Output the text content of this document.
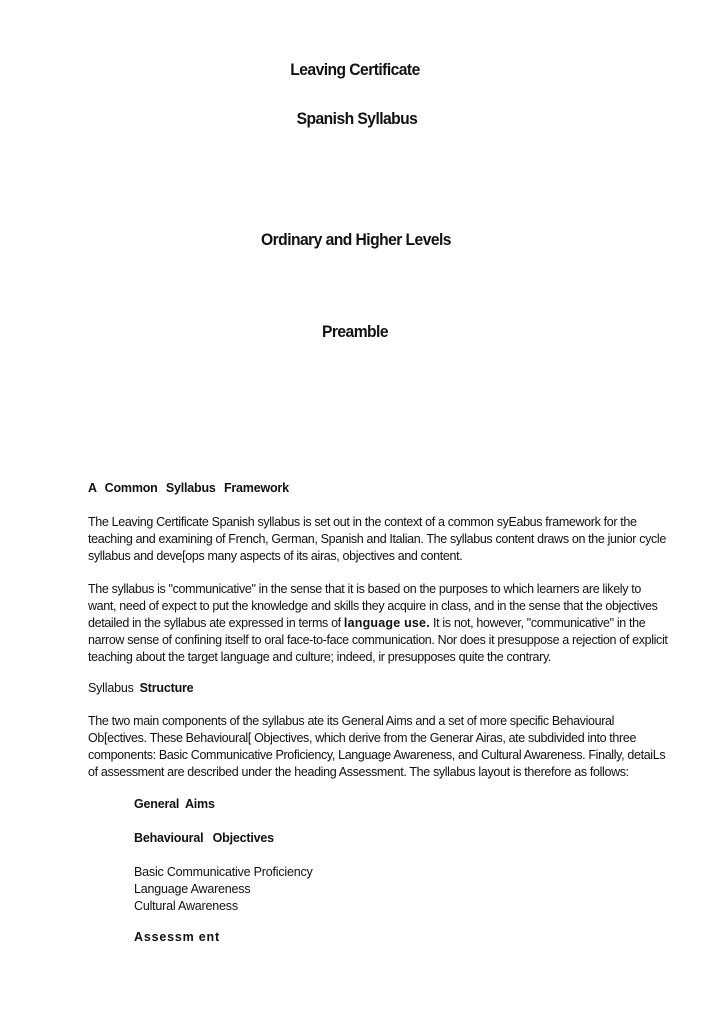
Leaving Certificate
Spanish Syllabus
Ordinary and Higher Levels
Preamble
A Common Syllabus Framework
The Leaving Certificate Spanish syllabus is set out in the context of a common syEabus framework for the teaching and examining of French, German, Spanish and Italian. The syllabus content draws on the junior cycle syllabus and deve[ops many aspects of its airas, objectives and content.
The syllabus is "communicative" in the sense that it is based on the purposes to which learners are likely to want, need of expect to put the knowledge and skills they acquire in class, and in the sense that the objectives detailed in the syllabus ate expressed in terms of language use. It is not, however, "communicative" in the narrow sense of confining itself to oral face-to-face communication. Nor does it presuppose a rejection of explicit teaching about the target language and culture; indeed, ir presupposes quite the contrary.
Syllabus Structure
The two main components of the syllabus ate its General Aims and a set of more specific Behavioural Ob[ectives. These Behavioural[ Objectives, which derive from the Generar Airas, ate subdivided into three components: Basic Communicative Proficiency, Language Awareness, and Cultural Awareness. Finally, detaiLs of assessment are described under the heading Assessment. The syllabus layout is therefore as follows:
General Aims
Behavioural Objectives
Basic Communicative Proficiency
Language Awareness
Cultural Awareness
Assessm ent
